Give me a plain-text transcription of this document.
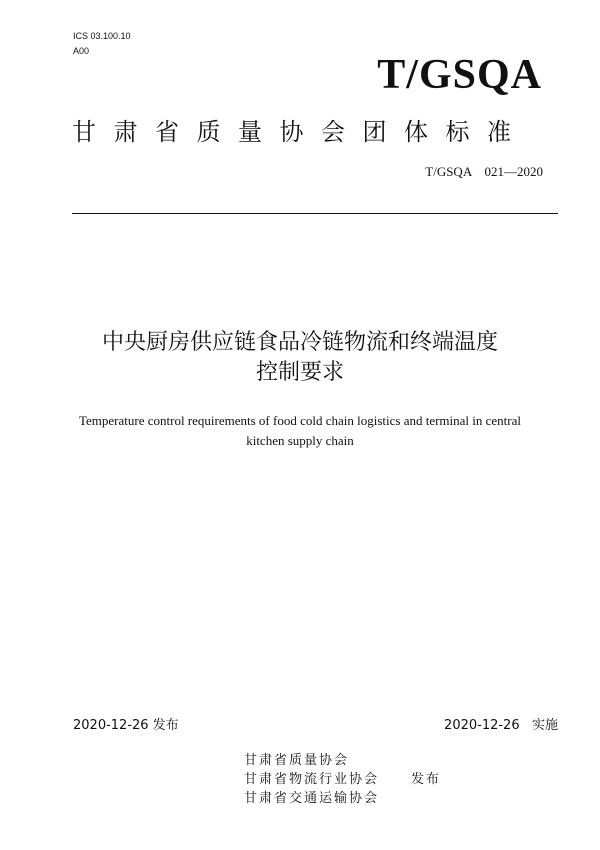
ICS 03.100.10
A00
T/GSQA
甘肃省质量协会团体标准
T/GSQA    021—2020
中央厨房供应链食品冷链物流和终端温度
控制要求
Temperature control requirements of food cold chain logistics and terminal in central
kitchen supply chain
2020-12-26 发布	2020-12-26   实施
甘肃省质量协会
甘肃省物流行业协会
甘肃省交通运输协会
发布
